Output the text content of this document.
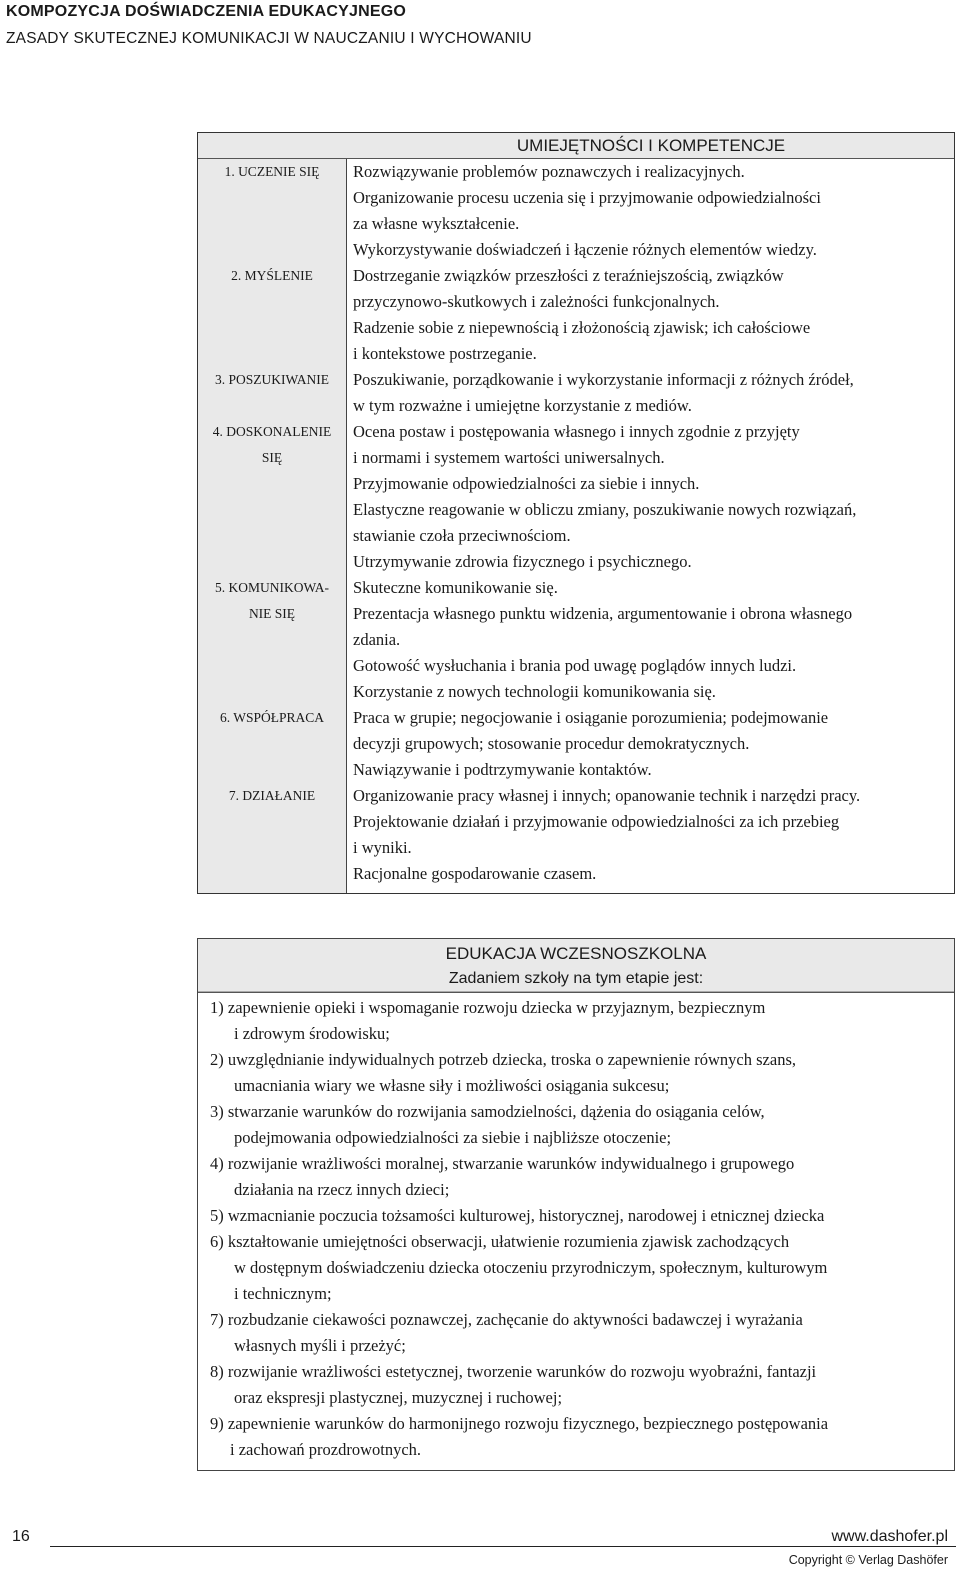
KOMPOZYCJA DOŚWIADCZENIA EDUKACYJNEGO
ZASADY SKUTECZNEJ KOMUNIKACJI W NAUCZANIU I WYCHOWANIU
UMIEJĘTNOŚCI I KOMPETENCJE
1. UCZENIE SIĘ
2. MYŚLENIE
3. POSZUKIWANIE
4. DOSKONALENIE
SIĘ
5. KOMUNIKOWA-
NIE SIĘ
6. WSPÓŁPRACA
7. DZIAŁANIE
Rozwiązywanie problemów poznawczych i realizacyjnych.
Organizowanie procesu uczenia się i przyjmowanie odpowiedzialności
za własne wykształcenie.
Wykorzystywanie doświadczeń i łączenie różnych elementów wiedzy.
Dostrzeganie związków przeszłości z teraźniejszością, związków
przyczynowo-skutkowych i zależności funkcjonalnych.
Radzenie sobie z niepewnością i złożonością zjawisk; ich całościowe
i kontekstowe postrzeganie.
Poszukiwanie, porządkowanie i wykorzystanie informacji z różnych źródeł,
w tym rozważne i umiejętne korzystanie z mediów.
Ocena postaw i postępowania własnego i innych zgodnie z przyjęty
i normami i systemem wartości uniwersalnych.
Przyjmowanie odpowiedzialności za siebie i innych.
Elastyczne reagowanie w obliczu zmiany, poszukiwanie nowych rozwiązań,
stawianie czoła przeciwnościom.
Utrzymywanie zdrowia fizycznego i psychicznego.
Skuteczne komunikowanie się.
Prezentacja własnego punktu widzenia, argumentowanie i obrona własnego
zdania.
Gotowość wysłuchania i brania pod uwagę poglądów innych ludzi.
Korzystanie z nowych technologii komunikowania się.
Praca w grupie; negocjowanie i osiąganie porozumienia; podejmowanie
decyzji grupowych; stosowanie procedur demokratycznych.
Nawiązywanie i podtrzymywanie kontaktów.
Organizowanie pracy własnej i innych; opanowanie technik i narzędzi pracy.
Projektowanie działań i przyjmowanie odpowiedzialności za ich przebieg
i wyniki.
Racjonalne gospodarowanie czasem.
EDUKACJA WCZESNOSZKOLNA
Zadaniem szkoły na tym etapie jest:
1) zapewnienie opieki i wspomaganie rozwoju dziecka w przyjaznym, bezpiecznym
i zdrowym środowisku;
2) uwzględnianie indywidualnych potrzeb dziecka, troska o zapewnienie równych szans,
umacniania wiary we własne siły i możliwości osiągania sukcesu;
3) stwarzanie warunków do rozwijania samodzielności, dążenia do osiągania celów,
podejmowania odpowiedzialności za siebie i najbliższe otoczenie;
4) rozwijanie wrażliwości moralnej, stwarzanie warunków indywidualnego i grupowego
działania na rzecz innych dzieci;
5) wzmacnianie poczucia tożsamości kulturowej, historycznej, narodowej i etnicznej dziecka
6) kształtowanie umiejętności obserwacji, ułatwienie rozumienia zjawisk zachodzących
w dostępnym doświadczeniu dziecka otoczeniu przyrodniczym, społecznym, kulturowym
i technicznym;
7) rozbudzanie ciekawości poznawczej, zachęcanie do aktywności badawczej i wyrażania
własnych myśli i przeżyć;
8) rozwijanie wrażliwości estetycznej, tworzenie warunków do rozwoju wyobraźni, fantazji
oraz ekspresji plastycznej, muzycznej i ruchowej;
9) zapewnienie warunków do harmonijnego rozwoju fizycznego, bezpiecznego postępowania
i zachowań prozdrowotnych.
16	www.dashofer.pl
Copyright © Verlag Dashöfer
